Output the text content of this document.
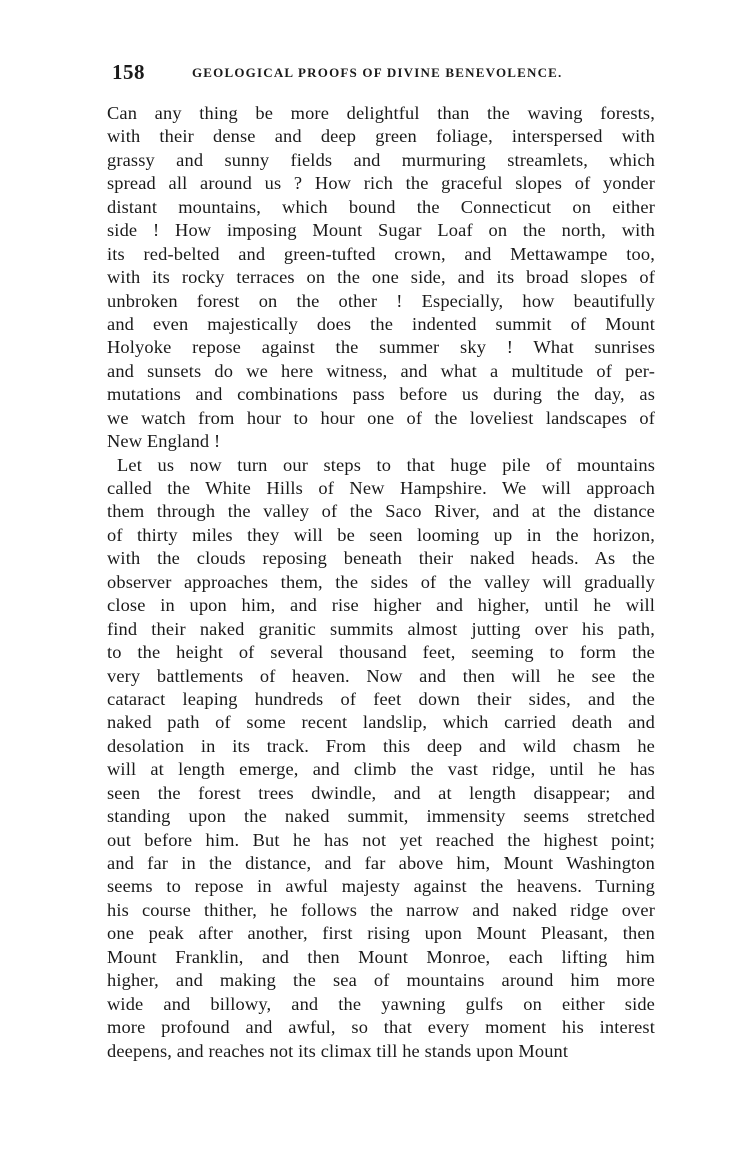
158	GEOLOGICAL PROOFS OF DIVINE BENEVOLENCE.
Can any thing be more delightful than the waving forests,
with their dense and deep green foliage, interspersed with
grassy and sunny fields and murmuring streamlets, which
spread all around us ? How rich the graceful slopes of yonder
distant mountains, which bound the Connecticut on either
side ! How imposing Mount Sugar Loaf on the north, with
its red-belted and green-tufted crown, and Mettawampe too,
with its rocky terraces on the one side, and its broad slopes of
unbroken forest on the other ! Especially, how beautifully
and even majestically does the indented summit of Mount
Holyoke repose against the summer sky ! What sunrises
and sunsets do we here witness, and what a multitude of per-
mutations and combinations pass before us during the day, as
we watch from hour to hour one of the loveliest landscapes of
New England !
Let us now turn our steps to that huge pile of mountains
called the White Hills of New Hampshire. We will approach
them through the valley of the Saco River, and at the distance
of thirty miles they will be seen looming up in the horizon,
with the clouds reposing beneath their naked heads. As the
observer approaches them, the sides of the valley will gradually
close in upon him, and rise higher and higher, until he will
find their naked granitic summits almost jutting over his path,
to the height of several thousand feet, seeming to form the
very battlements of heaven. Now and then will he see the
cataract leaping hundreds of feet down their sides, and the
naked path of some recent landslip, which carried death and
desolation in its track. From this deep and wild chasm he
will at length emerge, and climb the vast ridge, until he has
seen the forest trees dwindle, and at length disappear; and
standing upon the naked summit, immensity seems stretched
out before him. But he has not yet reached the highest point;
and far in the distance, and far above him, Mount Washington
seems to repose in awful majesty against the heavens. Turning
his course thither, he follows the narrow and naked ridge over
one peak after another, first rising upon Mount Pleasant, then
Mount Franklin, and then Mount Monroe, each lifting him
higher, and making the sea of mountains around him more
wide and billowy, and the yawning gulfs on either side
more profound and awful, so that every moment his interest
deepens, and reaches not its climax till he stands upon Mount
